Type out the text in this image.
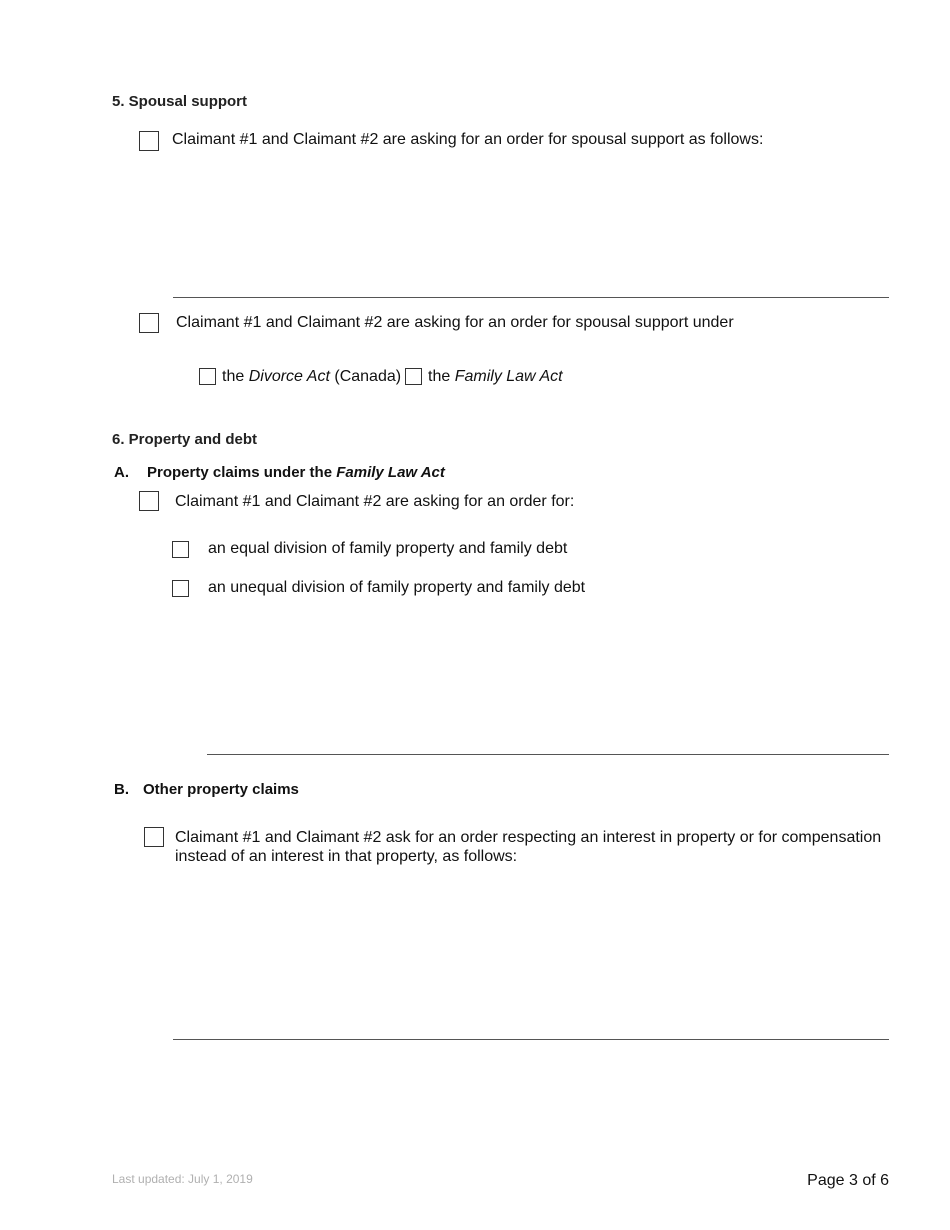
5. Spousal support
Claimant #1 and Claimant #2 are asking for an order for spousal support as follows:
Claimant #1 and Claimant #2 are asking for an order for spousal support under
the Divorce Act (Canada) the Family Law Act
6. Property and debt
A. Property claims under the Family Law Act
Claimant #1 and Claimant #2 are asking for an order for:
an equal division of family property and family debt
an unequal division of family property and family debt
B. Other property claims
Claimant #1 and Claimant #2 ask for an order respecting an interest in property or for compensation
instead of an interest in that property, as follows:
Last updated: July 1, 2019	Page 3 of 6
